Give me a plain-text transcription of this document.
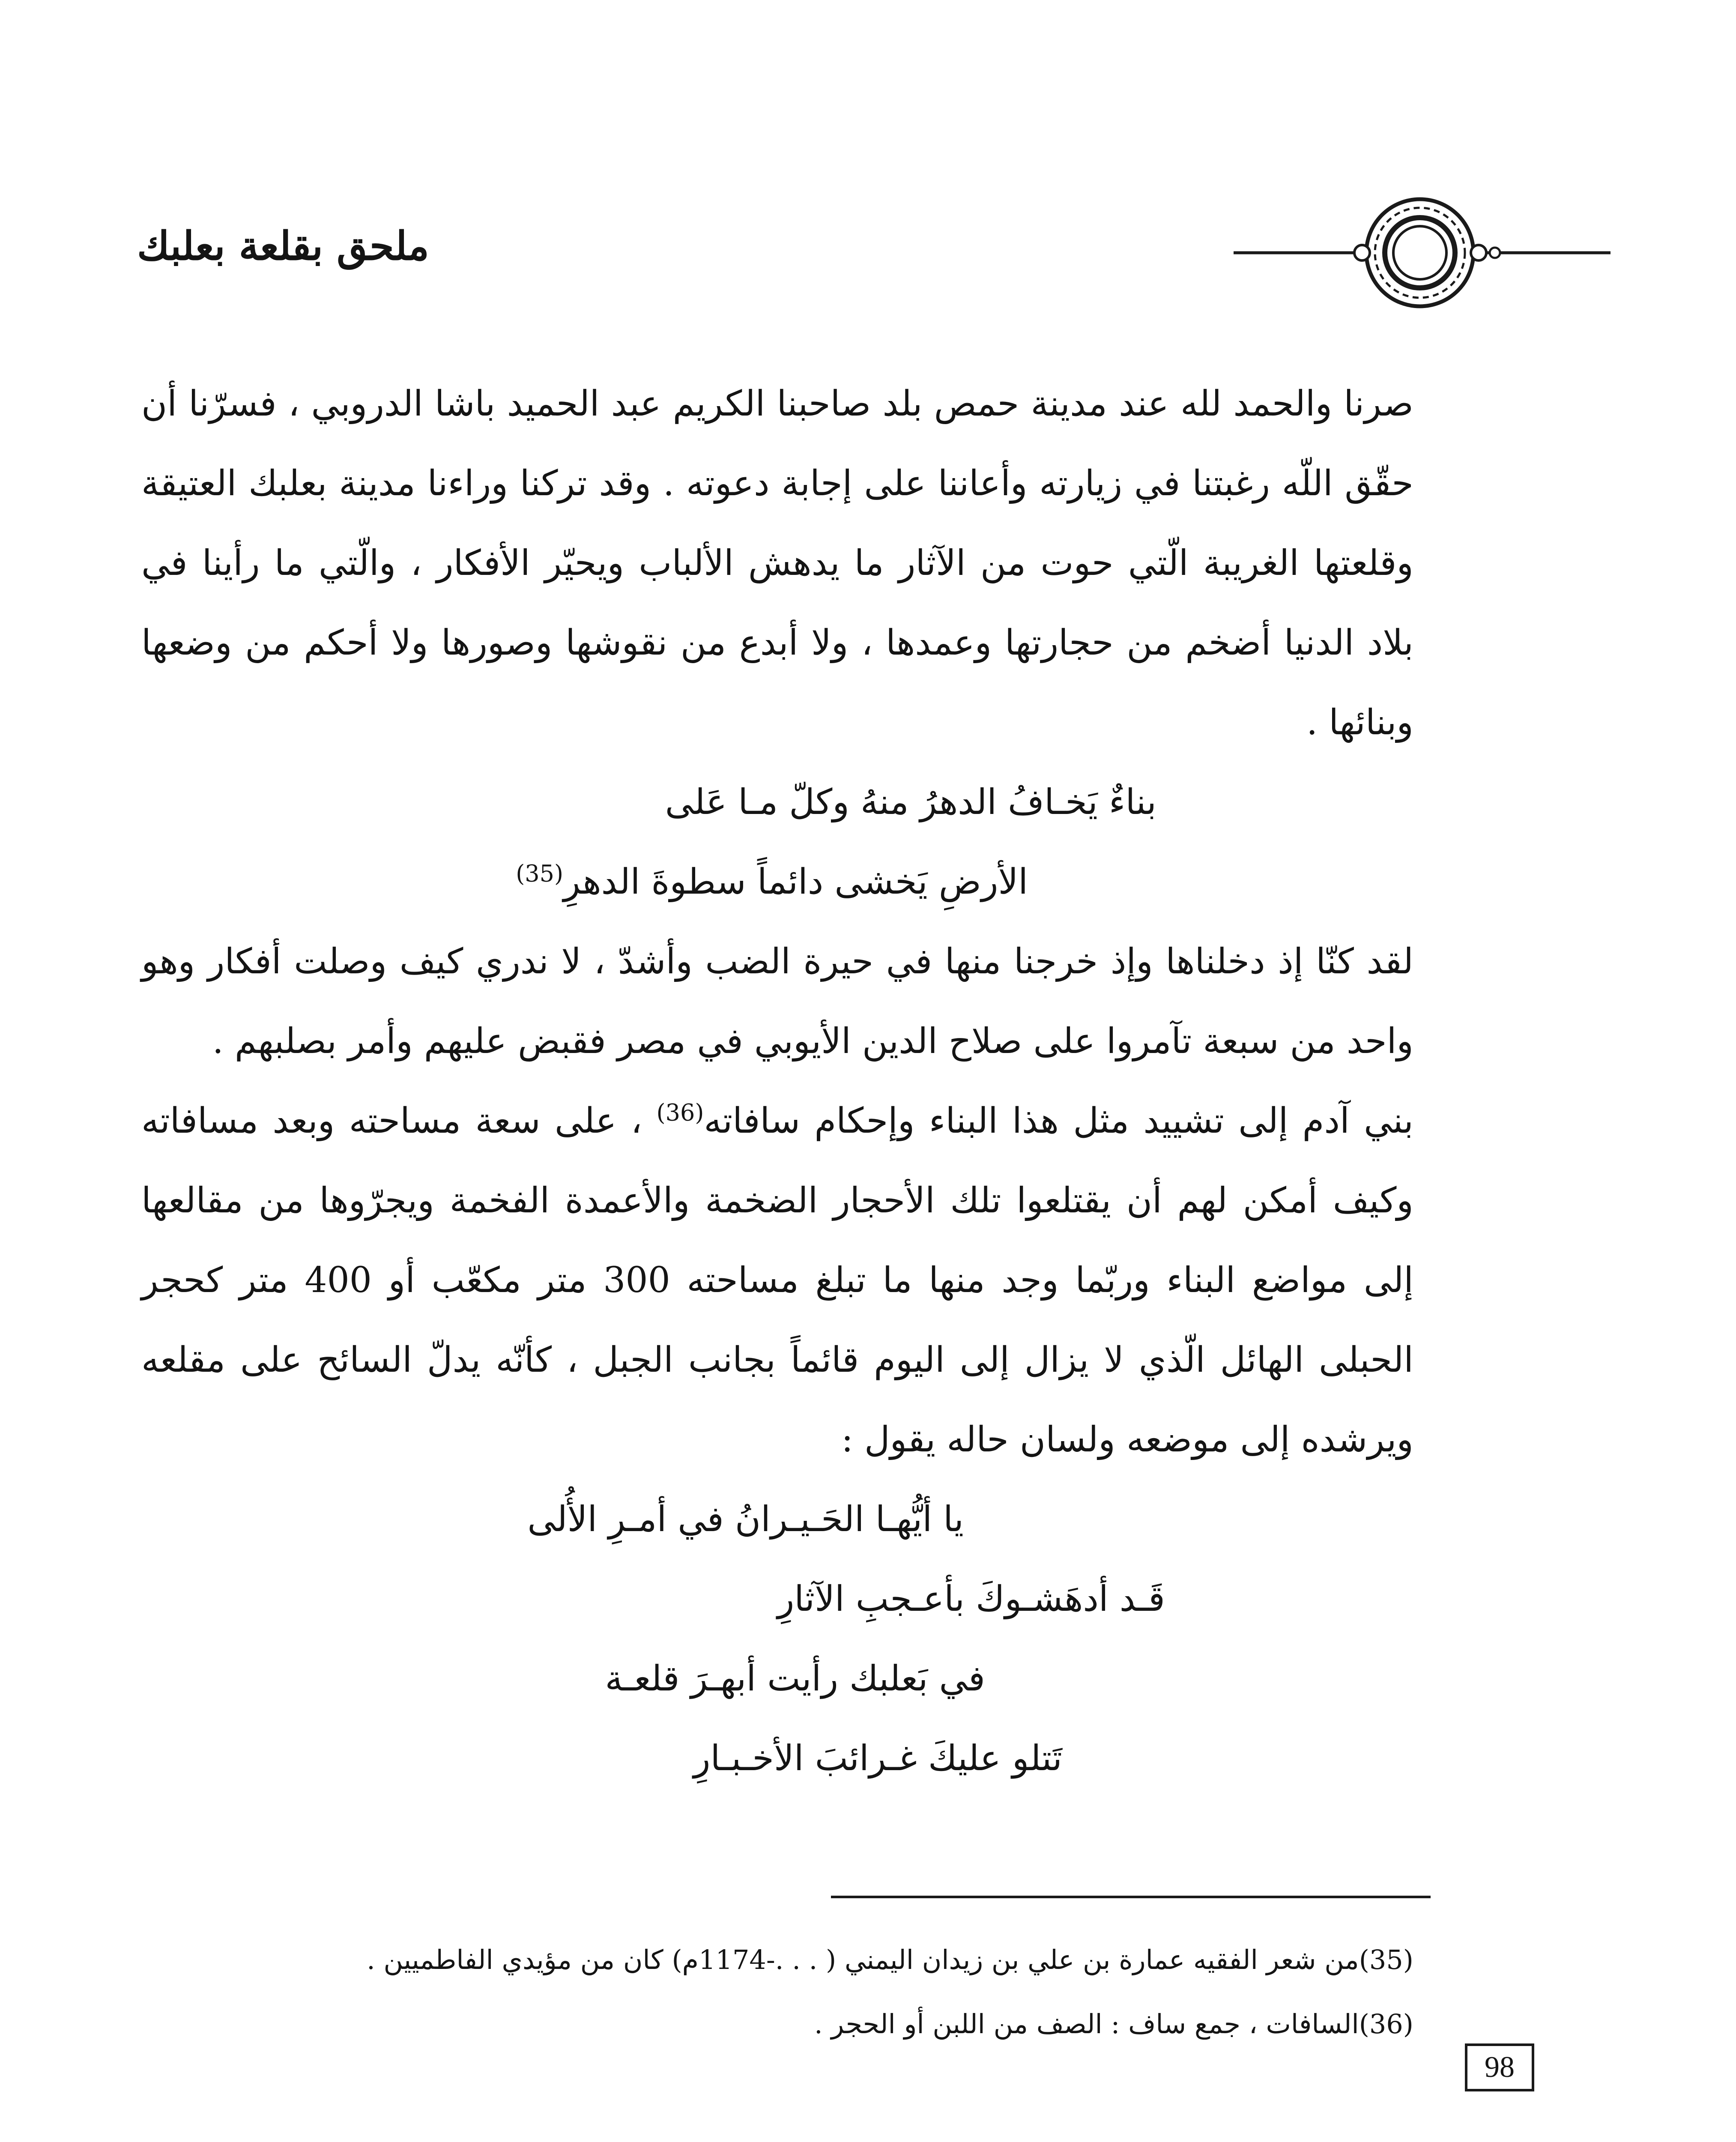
ملحق بقلعة بعلبك

صرنا والحمد لله عند مدينة حمص بلد صاحبنا الكريم عبد الحميد باشا الدروبي ، فسرّنا أن حقّق اللّه رغبتنا في زيارته وأعاننا على إجابة دعوته . وقد تركنا وراءنا مدينة بعلبك العتيقة وقلعتها الغريبة الّتي حوت من الآثار ما يدهش الألباب ويحيّر الأفكار ، والّتي ما رأينا في بلاد الدنيا أضخم من حجارتها وعمدها ، ولا أبدع من نقوشها وصورها ولا أحكم من وضعها وبنائها .

بناءٌ يَخـافُ الدهرُ منهُ وكلّ مـا عَلى

الأرضِ يَخشى دائماً سطوةَ الدهرِ$^{(35)}$

لقد كنّا إذ دخلناها وإذ خرجنا منها في حيرة الضب وأشدّ ، لا ندري كيف وصلت أفكار وهو واحد من سبعة تآمروا على صلاح الدين الأيوبي في مصر فقبض عليهم وأمر بصلبهم .

بني آدم إلى تشييد مثل هذا البناء وإحكام سافاته$^{(36)}$ ، على سعة مساحته وبعد مسافاته وكيف أمكن لهم أن يقتلعوا تلك الأحجار الضخمة والأعمدة الفخمة ويجرّوها من مقالعها إلى مواضع البناء وربّما وجد منها ما تبلغ مساحته 300 متر مكعّب أو 400 متر كحجر الحبلى الهائل الّذي لا يزال إلى اليوم قائماً بجانب الجبل ، كأنّه يدلّ السائح على مقلعه ويرشده إلى موضعه ولسان حاله يقول :

يا أيُّهـا الحَـيـرانُ في أمـرِ الأُلى

قَـد أدهَشـوكَ بأعـجبِ الآثارِ

في بَعلبك رأيت أبهـرَ قلعـة

تَتلو عليكَ غـرائبَ الأخـبـارِ

(35)من شعر الفقيه عمارة بن علي بن زيدان اليمني ( . . .-1174م) كان من مؤيدي الفاطميين .

(36)السافات ، جمع ساف : الصف من اللبن أو الحجر .

98
